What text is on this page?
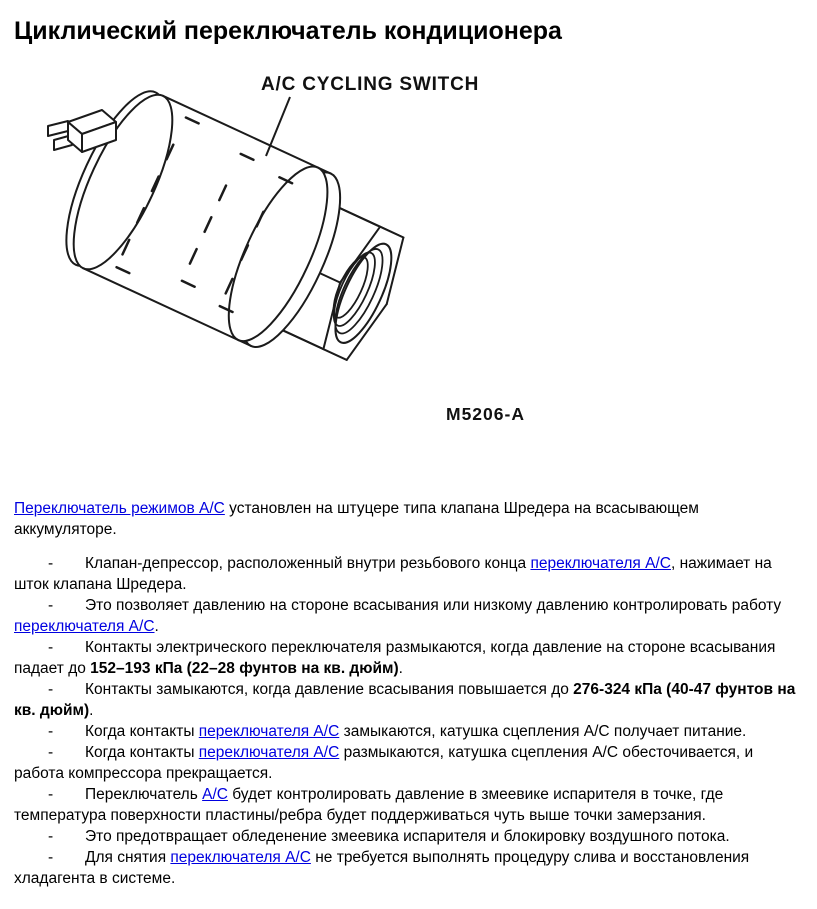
Циклический переключатель кондиционера
A/C CYCLING SWITCH
M5206-A

Переключатель режимов A/C установлен на штуцере типа клапана Шредера на всасывающем аккумуляторе.

- Клапан-депрессор, расположенный внутри резьбового конца переключателя A/C, нажимает на шток клапана Шредера.

- Это позволяет давлению на стороне всасывания или низкому давлению контролировать работу переключателя A/C.

- Контакты электрического переключателя размыкаются, когда давление на стороне всасывания падает до 152–193 кПа (22–28 фунтов на кв. дюйм).

- Контакты замыкаются, когда давление всасывания повышается до 276-324 кПа (40-47 фунтов на кв. дюйм).

- Когда контакты переключателя A/C замыкаются, катушка сцепления A/C получает питание.

- Когда контакты переключателя A/C размыкаются, катушка сцепления A/C обесточивается, и работа компрессора прекращается.

- Переключатель A/C будет контролировать давление в змеевике испарителя в точке, где температура поверхности пластины/ребра будет поддерживаться чуть выше точки замерзания.

- Это предотвращает обледенение змеевика испарителя и блокировку воздушного потока.

- Для снятия переключателя A/C не требуется выполнять процедуру слива и восстановления хладагента в системе.
